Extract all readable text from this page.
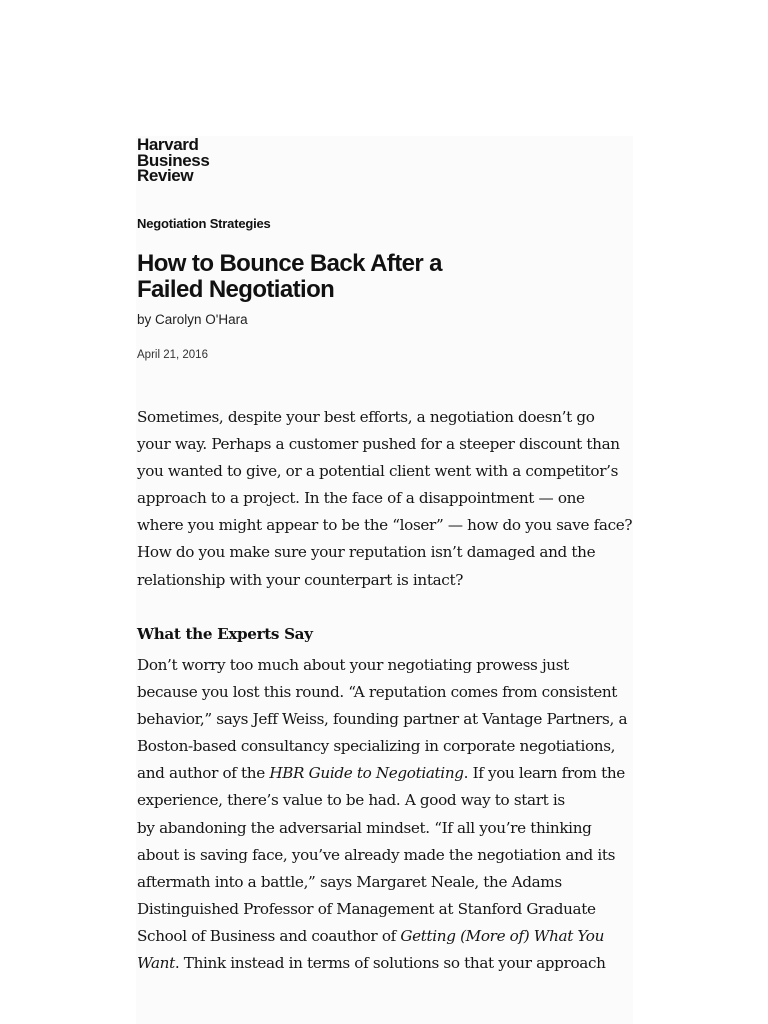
Harvard
Business
Review
Negotiation Strategies
How to Bounce Back After a
Failed Negotiation
by Carolyn O'Hara
April 21, 2016
Sometimes, despite your best efforts, a negotiation doesn’t go
your way. Perhaps a customer pushed for a steeper discount than
you wanted to give, or a potential client went with a competitor’s
approach to a project. In the face of a disappointment — one
where you might appear to be the “loser” — how do you save face?
How do you make sure your reputation isn’t damaged and the
relationship with your counterpart is intact?
What the Experts Say
Don’t worry too much about your negotiating prowess just
because you lost this round. “A reputation comes from consistent
behavior,” says Jeff Weiss, founding partner at Vantage Partners, a
Boston-based consultancy specializing in corporate negotiations,
and author of the HBR Guide to Negotiating. If you learn from the
experience, there’s value to be had. A good way to start is
by abandoning the adversarial mindset. “If all you’re thinking
about is saving face, you’ve already made the negotiation and its
aftermath into a battle,” says Margaret Neale, the Adams
Distinguished Professor of Management at Stanford Graduate
School of Business and coauthor of Getting (More of) What You
Want. Think instead in terms of solutions so that your approach
